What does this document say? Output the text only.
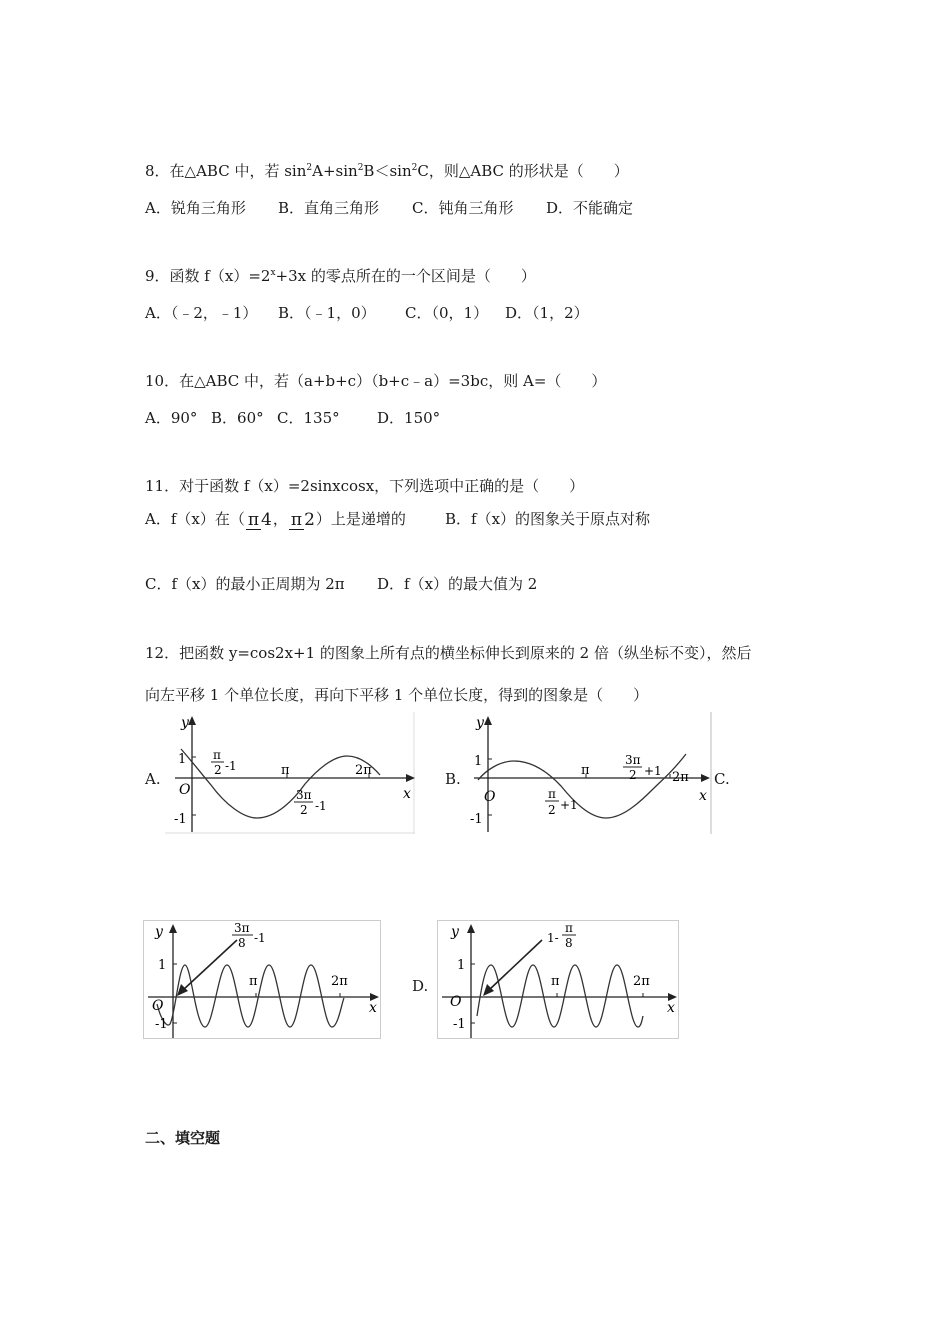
8．在△ABC 中，若 $\sin^2A+\sin^2B<\sin^2C$，则△ABC 的形状是（　　）
A．锐角三角形 B．直角三角形 C．钝角三角形 D．不能确定
9．函数 $f(x)=2^x+3x$ 的零点所在的一个区间是（　　）
A．（﹣2，﹣1） B．（﹣1，0） C．（0，1） D．（1，2）
10．在△ABC 中，若（a+b+c）（b+c﹣a）=3bc，则 A=（　　）
A．90° B．60° C．135° D．150°
11．对于函数 f（x）=2sinxcosx，下列选项中正确的是（　　）
A．f（x）在（ π 4， π 2）上是递增的	B．f（x）的图象关于原点对称
C．f（x）的最小正周期为 2π D．f（x）的最大值为 2
12．把函数 y=cos2x+1 的图象上所有点的横坐标伸长到原来的 2 倍（纵坐标不变），然后
向左平移 1 个单位长度，再向下平移 1 个单位长度，得到的图象是（　　）
A.	B.	C.
D.
y
x
O
1
-1
π	2π
π
2 -1
3π
2 -1
y
x
O
1
-1
π	2π
π
2 +1
3π
2 +1
y
x
O
1
-1
π	2π
3π
8 -1	y
x
O
1
-1
π	2π
1-
π
8
二、填空题
